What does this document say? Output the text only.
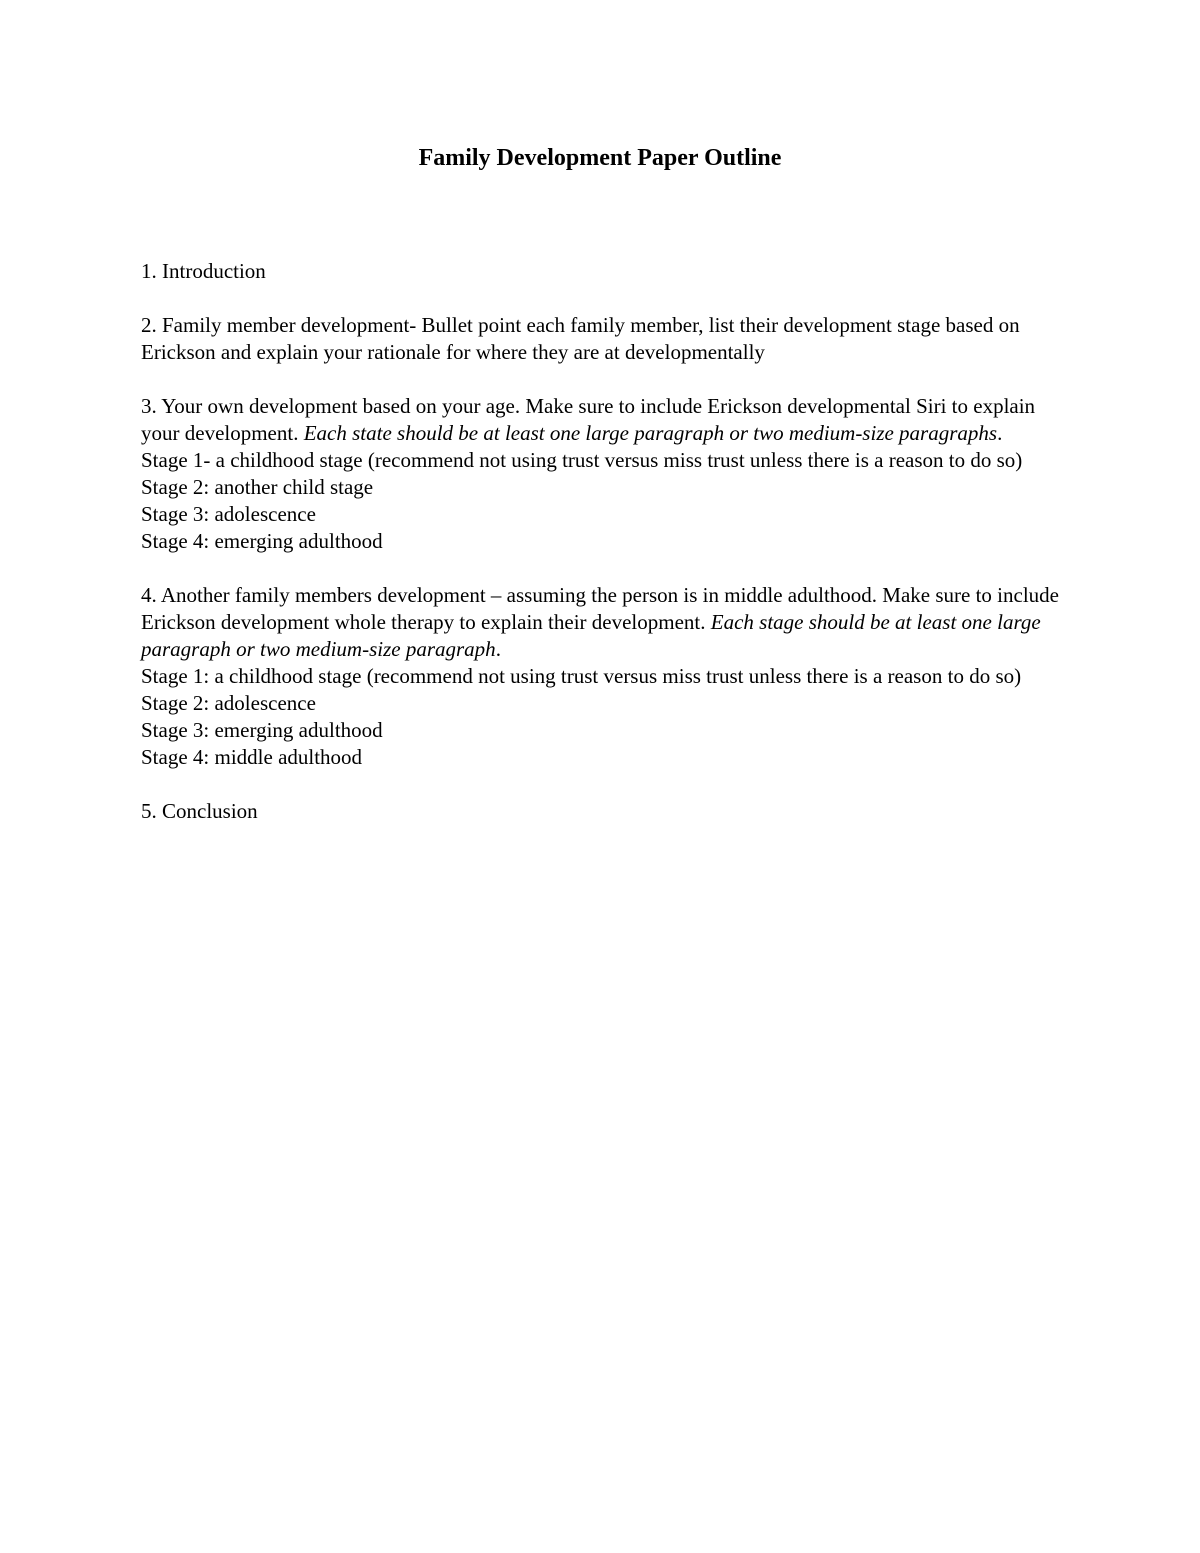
Family Development Paper Outline

1. Introduction

2. Family member development- Bullet point each family member, list their development stage based on Erickson and explain your rationale for where they are at developmentally

3. Your own development based on your age. Make sure to include Erickson developmental Siri to explain your development. Each state should be at least one large paragraph or two medium-size paragraphs.

Stage 1- a childhood stage (recommend not using trust versus miss trust unless there is a reason to do so)

Stage 2: another child stage

Stage 3: adolescence

Stage 4: emerging adulthood

4. Another family members development – assuming the person is in middle adulthood. Make sure to include Erickson development whole therapy to explain their development. Each stage should be at least one large paragraph or two medium-size paragraph.

Stage 1: a childhood stage (recommend not using trust versus miss trust unless there is a reason to do so)

Stage 2: adolescence

Stage 3: emerging adulthood

Stage 4: middle adulthood

5. Conclusion
